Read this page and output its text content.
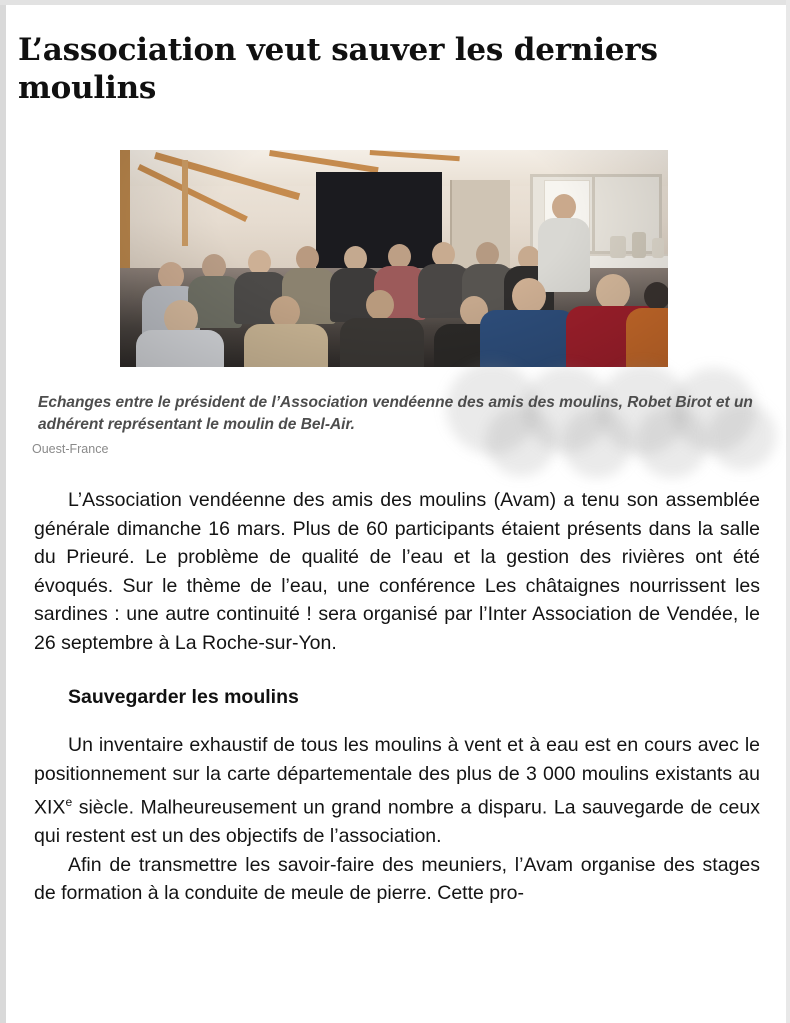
L’association veut sauver les derniers moulins
Echanges entre le président de l’Association vendéenne des amis des moulins, Robet Birot et un adhérent représentant le moulin de Bel-Air.
Ouest-France

L’Association vendéenne des amis des moulins (Avam) a tenu son assemblée générale dimanche 16 mars. Plus de 60 participants étaient présents dans la salle du Prieuré. Le problème de qualité de l’eau et la gestion des rivières ont été évoqués. Sur le thème de l’eau, une conférence Les châtaignes nourrissent les sardines : une autre continuité ! sera organisé par l’Inter Association de Vendée, le 26 septembre à La Roche-sur-Yon.

Sauvegarder les moulins

Un inventaire exhaustif de tous les moulins à vent et à eau est en cours avec le positionnement sur la carte départementale des plus de 3 000 moulins existants au XIXe siècle. Malheureusement un grand nombre a disparu. La sauvegarde de ceux qui restent est un des objectifs de l’association.

Afin de transmettre les savoir-faire des meuniers, l’Avam organise des stages de formation à la conduite de meule de pierre. Cette pro-
